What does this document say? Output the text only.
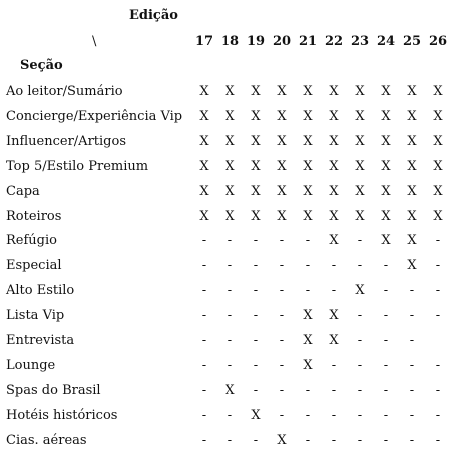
Edição
\
Seção
17 18 19 20 21 22 23 24 25 26
Ao leitor/Sumário	X	X	X	X	X	X	X	X	X	X
Concierge/Experiência Vip	X	X	X	X	X	X	X	X	X	X
Influencer/Artigos	X	X	X	X	X	X	X	X	X	X
Top 5/Estilo Premium	X	X	X	X	X	X	X	X	X	X
Capa	X	X	X	X	X	X	X	X	X	X
Roteiros	X	X	X	X	X	X	X	X	X	X
Refúgio	-	-	-	-	-	X	-	X	X	-
Especial	-	-	-	-	-	-	-	-	X	-
Alto Estilo	-	-	-	-	-	-	X	-	-	-
Lista Vip	-	-	-	-	X	X	-	-	-	-
Entrevista	-	-	-	-	X	X	-	-	-
Lounge	-	-	-	-	X	-	-	-	-	-
Spas do Brasil	-	X	-	-	-	-	-	-	-	-
Hotéis históricos	-	-	X	-	-	-	-	-	-	-
Cias. aéreas	-	-	-	X	-	-	-	-	-	-
